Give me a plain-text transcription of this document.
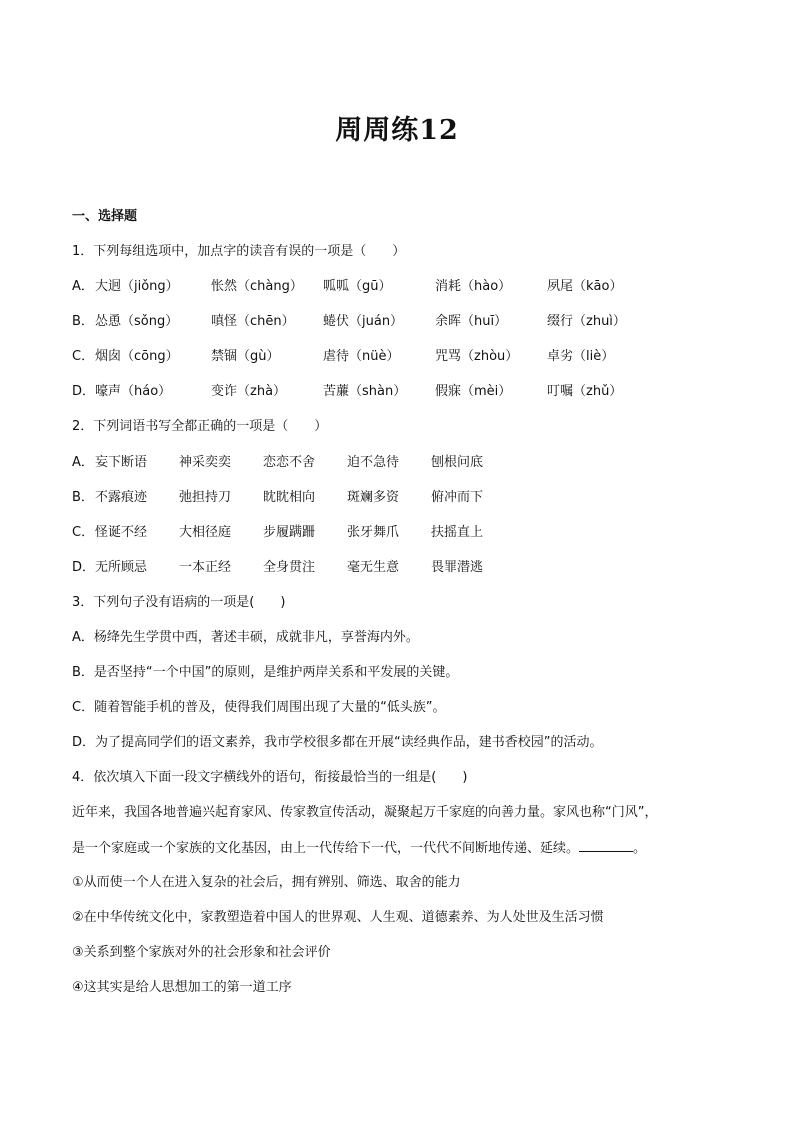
周周练12
一、选择题
1．下列每组选项中，加点字的读音有误的一项是（　　）
A． 大迥（jiǒng） 怅然（chàng） 呱呱（gū）	消耗（hào）	夙尾（kāo）
B． 怂恿（sǒng）	嗔怪（chēn） 蜷伏（juán） 余晖（huī）	缀行（zhuì）
C． 烟囱（cōng） 禁锢（gù）	虐待（nüè）	咒骂（zhòu） 卓劣（liè）
D． 嚎声（háo）	变诈（zhà）	苦薕（shàn） 假寐（mèi）	叮嘱（zhǔ）
2．下列词语书写全都正确的一项是（　　）
A． 妄下断语 神采奕奕 恋恋不舍 迫不急待 刨根问底
B． 不露痕迹 弛担持刀 眈眈相向 斑斓多资 俯冲而下
C． 怪诞不经 大相径庭 步履蹒跚 张牙舞爪 扶摇直上
D． 无所顾忌 一本正经 全身贯注 毫无生意 畏罪潜逃
3．下列句子没有语病的一项是(　　)
A．杨绛先生学贯中西，著述丰硕，成就非凡，享誉海内外。
B．是否坚持“一个中国”的原则，是维护两岸关系和平发展的关键。
C．随着智能手机的普及，使得我们周围出现了大量的“低头族”。
D．为了提高同学们的语文素养，我市学校很多都在开展“读经典作品，建书香校园”的活动。
4．依次填入下面一段文字横线外的语句，衔接最恰当的一组是(　　)
近年来，我国各地普遍兴起育家风、传家教宣传活动，凝聚起万千家庭的向善力量。家风也称“门风”，
是一个家庭或一个家族的文化基因，由上一代传给下一代，一代代不间断地传递、延续。	。
①从而使一个人在进入复杂的社会后，拥有辨别、筛选、取舍的能力
②在中华传统文化中，家教塑造着中国人的世界观、人生观、道德素养、为人处世及生活习惯
③关系到整个家族对外的社会形象和社会评价
④这其实是给人思想加工的第一道工序
